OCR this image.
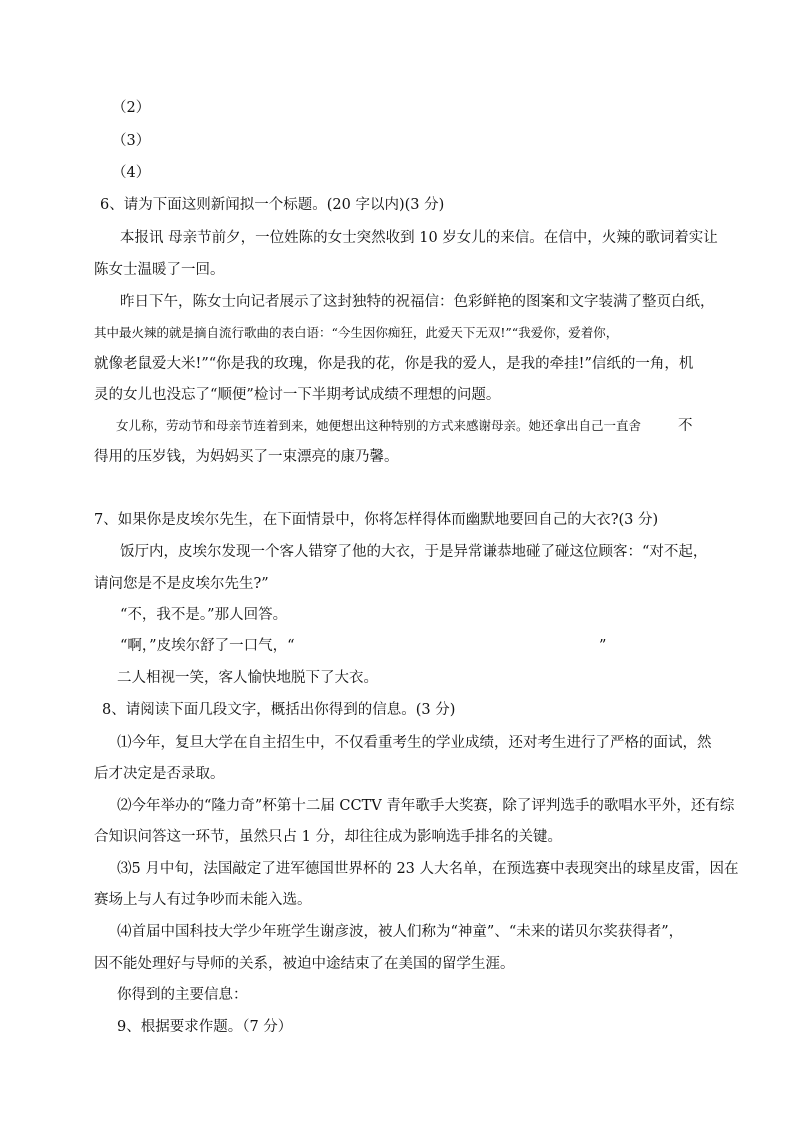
（2）
（3）
（4）
6、请为下面这则新闻拟一个标题。(20 字以内)(3 分)
本报讯 母亲节前夕，一位姓陈的女士突然收到 10 岁女儿的来信。在信中，火辣的歌词着实让
陈女士温暖了一回。
昨日下午，陈女士向记者展示了这封独特的祝福信：色彩鲜艳的图案和文字装满了整页白纸，
其中最火辣的就是摘自流行歌曲的表白语：“今生因你痴狂，此爱天下无双!”“我爱你，爱着你，
就像老鼠爱大米!”“你是我的玫瑰，你是我的花，你是我的爱人，是我的牵挂!”信纸的一角，机
灵的女儿也没忘了“顺便”检讨一下半期考试成绩不理想的问题。
女儿称，劳动节和母亲节连着到来，她便想出这种特别的方式来感谢母亲。她还拿出自己一直舍	不
得用的压岁钱，为妈妈买了一束漂亮的康乃馨。
7、如果你是皮埃尔先生，在下面情景中，你将怎样得体而幽默地要回自己的大衣?(3 分)
饭厅内，皮埃尔发现一个客人错穿了他的大衣，于是异常谦恭地碰了碰这位顾客：“对不起，
请问您是不是皮埃尔先生?”
“不，我不是。”那人回答。
“啊，”皮埃尔舒了一口气，“	”
二人相视一笑，客人愉快地脱下了大衣。
8、请阅读下面几段文字，概括出你得到的信息。(3 分)
⑴今年，复旦大学在自主招生中，不仅看重考生的学业成绩，还对考生进行了严格的面试，然
后才决定是否录取。
⑵今年举办的“隆力奇”杯第十二届 CCTV 青年歌手大奖赛，除了评判选手的歌唱水平外，还有综
合知识问答这一环节，虽然只占 1 分，却往往成为影响选手排名的关键。
⑶5 月中旬，法国敲定了进军德国世界杯的 23 人大名单，在预选赛中表现突出的球星皮雷，因在
赛场上与人有过争吵而未能入选。
⑷首届中国科技大学少年班学生谢彦波，被人们称为“神童”、“未来的诺贝尔奖获得者”，
因不能处理好与导师的关系，被迫中途结束了在美国的留学生涯。
你得到的主要信息：
9、根据要求作题。（7 分）
